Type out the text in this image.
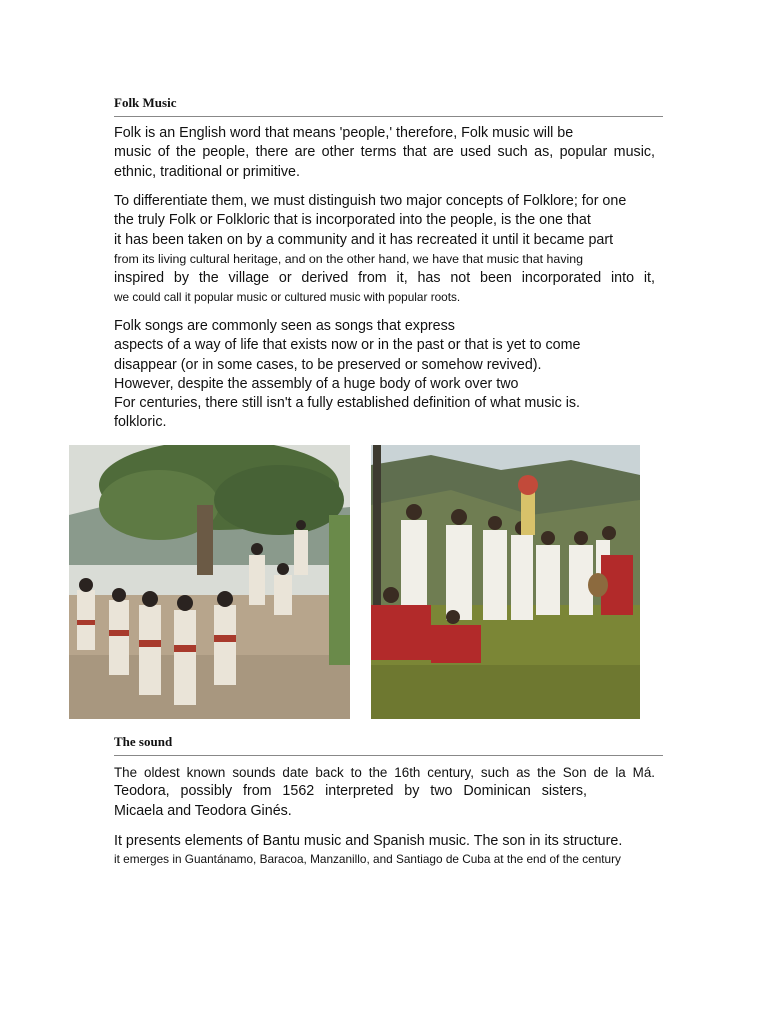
Folk Music
Folk is an English word that means 'people,' therefore, Folk music will be
music of the people, there are other terms that are used such as, popular music,
ethnic, traditional or primitive.
To differentiate them, we must distinguish two major concepts of Folklore; for one
the truly Folk or Folkloric that is incorporated into the people, is the one that
it has been taken on by a community and it has recreated it until it became part
from its living cultural heritage, and on the other hand, we have that music that having
inspired by the village or derived from it, has not been incorporated into it,
we could call it popular music or cultured music with popular roots.
Folk songs are commonly seen as songs that express
aspects of a way of life that exists now or in the past or that is yet to come
disappear (or in some cases, to be preserved or somehow revived).
However, despite the assembly of a huge body of work over two
For centuries, there still isn't a fully established definition of what music is.
folkloric.
The sound
The oldest known sounds date back to the 16th century, such as the Son de la Má.
Teodora, possibly from 1562 interpreted by two Dominican sisters,
Micaela and Teodora Ginés.
It presents elements of Bantu music and Spanish music. The son in its structure.
it emerges in Guantánamo, Baracoa, Manzanillo, and Santiago de Cuba at the end of the century
